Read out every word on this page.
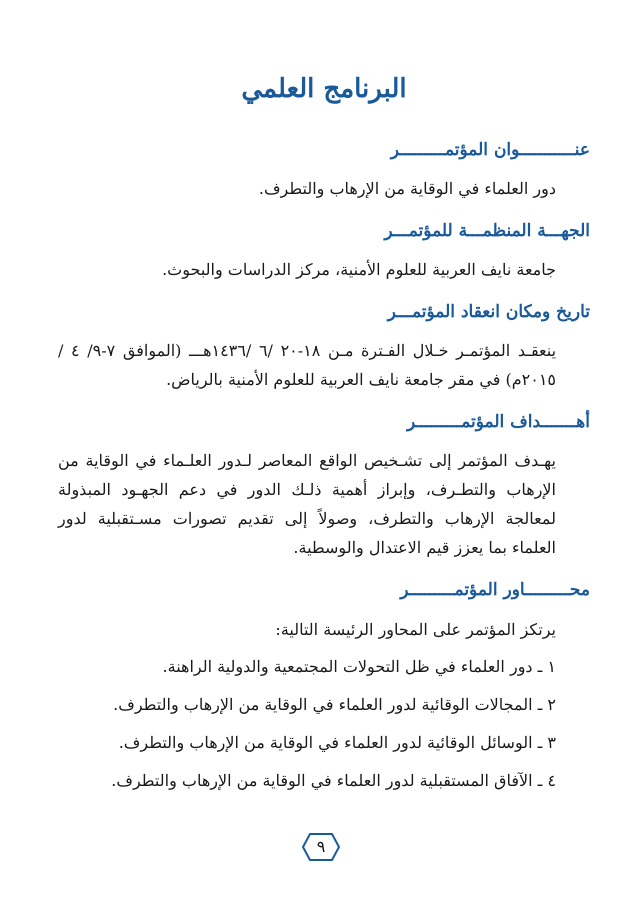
البرنامج العلمي
عنـــــــــــوان المؤتمـــــــــر
دور العلماء في الوقاية من الإرهاب والتطرف.
الجهـــة المنظمـــة للمؤتمـــر
جامعة نايف العربية للعلوم الأمنية، مركز الدراسات والبحوث.
تاريخ ومكان انعقاد المؤتمـــر
ينعقـد المؤتمـر خـلال الفـترة مـن ١٨-٢٠ /٦ /١٤٣٦هـــ (الموافق ٧-٩/ ٤ /٢٠١٥م) في مقر جامعة نايف العربية للعلوم الأمنية بالرياض.
أهـــــــداف المؤتمـــــــــر
يهـدف المؤتمر إلى تشـخيص الواقع المعاصر لـدور العلـماء في الوقاية من الإرهاب والتطـرف، وإبراز أهمية ذلـك الدور في دعم الجهـود المبذولة لمعالجة الإرهاب والتطرف، وصولاً إلى تقديم تصورات مسـتقبلية لدور العلماء بما يعزز قيم الاعتدال والوسطية.
محـــــــــاور المؤتمـــــــــر
يرتكز المؤتمر على المحاور الرئيسة التالية:
١ ـ دور العلماء في ظل التحولات المجتمعية والدولية الراهنة.
٢ ـ المجالات الوقائية لدور العلماء في الوقاية من الإرهاب والتطرف.
٣ ـ الوسائل الوقائية لدور العلماء في الوقاية من الإرهاب والتطرف.
٤ ـ الآفاق المستقبلية لدور العلماء في الوقاية من الإرهاب والتطرف.
٩
